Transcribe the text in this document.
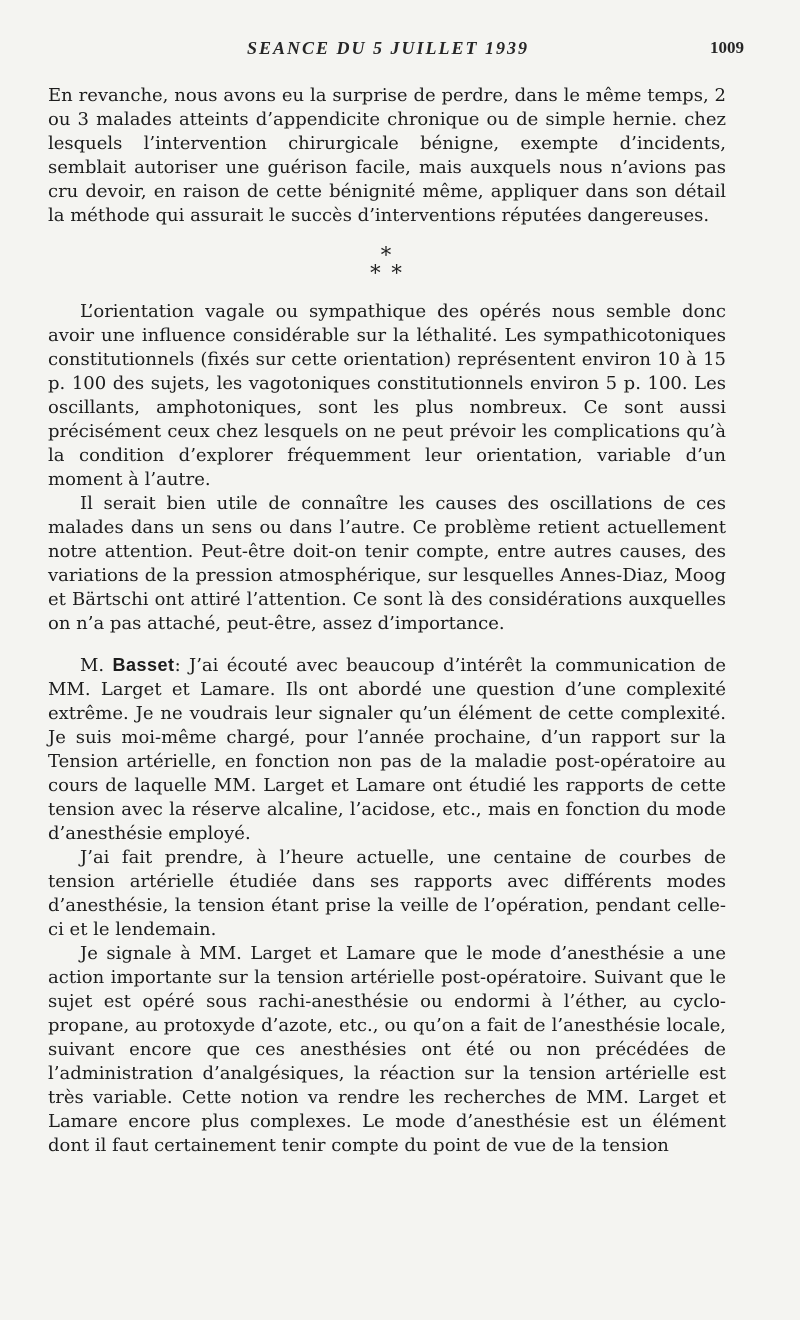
SEANCE DU 5 JUILLET 1939	1009

En revanche, nous avons eu la surprise de perdre, dans le même temps, 2 ou 3 malades atteints d’appendicite chronique ou de simple hernie. chez lesquels l’intervention chirurgicale bénigne, exempte d’incidents, semblait autoriser une guérison facile, mais auxquels nous n’avions pas cru devoir, en raison de cette bénignité même, appliquer dans son détail la méthode qui assurait le succès d’interventions réputées dangereuses.

*
* *

L’orientation vagale ou sympathique des opérés nous semble donc avoir une influence considérable sur la léthalité. Les sympathicotoniques constitutionnels (fixés sur cette orientation) représentent environ 10 à 15 p. 100 des sujets, les vagotoniques constitutionnels environ 5 p. 100. Les oscillants, amphotoniques, sont les plus nombreux. Ce sont aussi précisément ceux chez lesquels on ne peut prévoir les complications qu’à la condition d’explorer fréquemment leur orientation, variable d’un moment à l’autre.

Il serait bien utile de connaître les causes des oscillations de ces malades dans un sens ou dans l’autre. Ce problème retient actuellement notre attention. Peut-être doit-on tenir compte, entre autres causes, des variations de la pression atmosphérique, sur lesquelles Annes-Diaz, Moog et Bärtschi ont attiré l’attention. Ce sont là des considérations auxquelles on n’a pas attaché, peut-être, assez d’importance.

M. Basset: J’ai écouté avec beaucoup d’intérêt la communication de MM. Larget et Lamare. Ils ont abordé une question d’une complexité extrême. Je ne voudrais leur signaler qu’un élément de cette complexité. Je suis moi-même chargé, pour l’année prochaine, d’un rapport sur la Tension artérielle, en fonction non pas de la maladie post-opératoire au cours de laquelle MM. Larget et Lamare ont étudié les rapports de cette tension avec la réserve alcaline, l’acidose, etc., mais en fonction du mode d’anesthésie employé.

J’ai fait prendre, à l’heure actuelle, une centaine de courbes de tension artérielle étudiée dans ses rapports avec différents modes d’anesthésie, la tension étant prise la veille de l’opération, pendant celle-ci et le lendemain.

Je signale à MM. Larget et Lamare que le mode d’anesthésie a une action importante sur la tension artérielle post-opératoire. Suivant que le sujet est opéré sous rachi-anesthésie ou endormi à l’éther, au cyclo-propane, au protoxyde d’azote, etc., ou qu’on a fait de l’anesthésie locale, suivant encore que ces anesthésies ont été ou non précédées de l’administration d’analgésiques, la réaction sur la tension artérielle est très variable. Cette notion va rendre les recherches de MM. Larget et Lamare encore plus complexes. Le mode d’anesthésie est un élément dont il faut certainement tenir compte du point de vue de la tension
